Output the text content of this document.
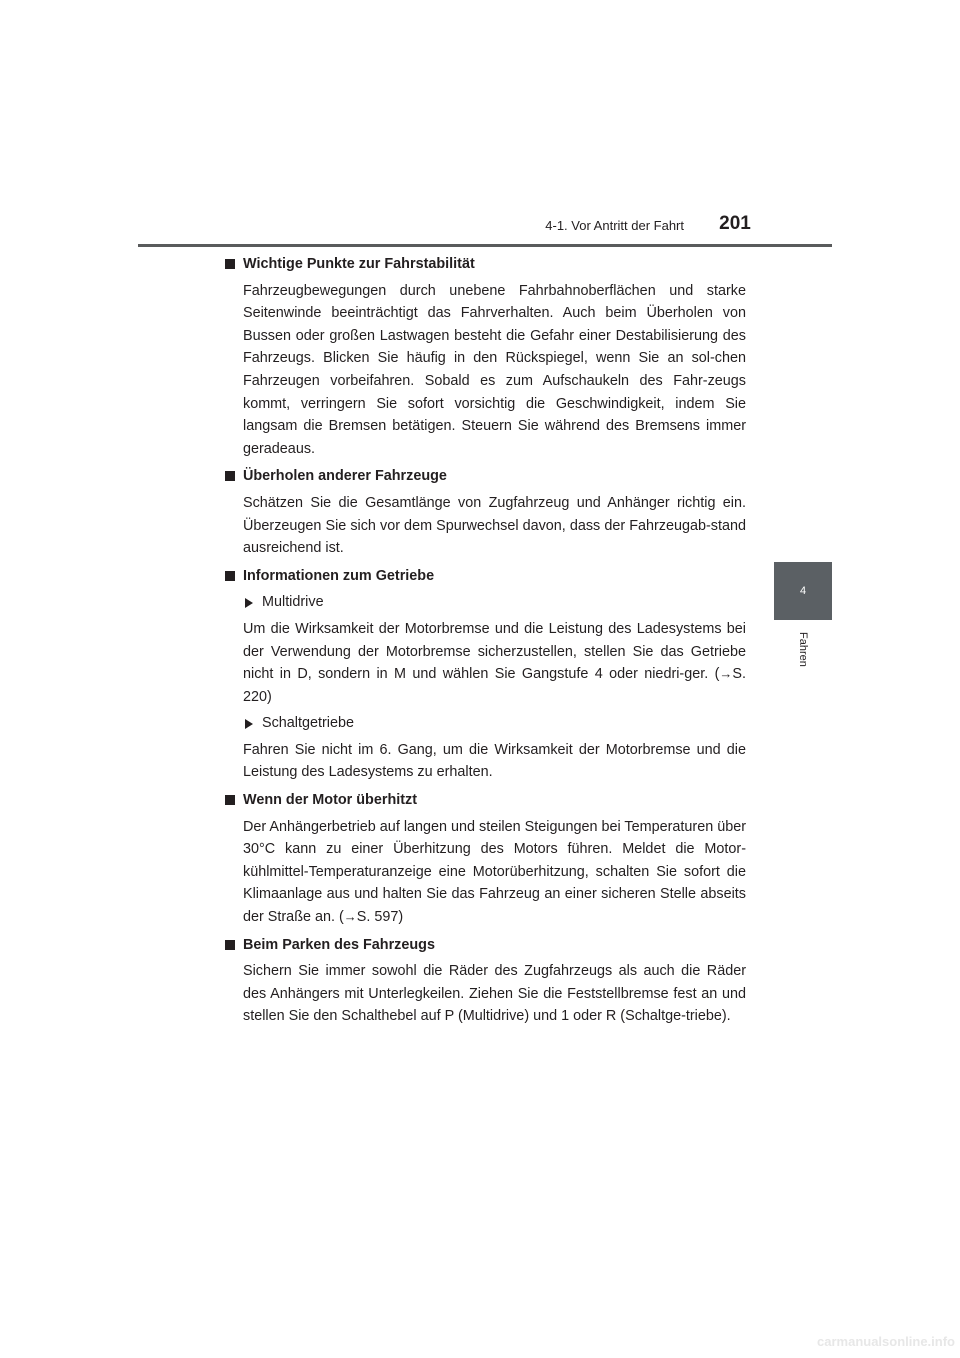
4-1. Vor Antritt der Fahrt	201
4
Fahren
Wichtige Punkte zur Fahrstabilität

Fahrzeugbewegungen durch unebene Fahrbahnoberflächen und starke Seitenwinde beeinträchtigt das Fahrverhalten. Auch beim Überholen von Bussen oder großen Lastwagen besteht die Gefahr einer Destabilisierung des Fahrzeugs. Blicken Sie häufig in den Rückspiegel, wenn Sie an sol-chen Fahrzeugen vorbeifahren. Sobald es zum Aufschaukeln des Fahr-zeugs kommt, verringern Sie sofort vorsichtig die Geschwindigkeit, indem Sie langsam die Bremsen betätigen. Steuern Sie während des Bremsens immer geradeaus.

Überholen anderer Fahrzeuge

Schätzen Sie die Gesamtlänge von Zugfahrzeug und Anhänger richtig ein. Überzeugen Sie sich vor dem Spurwechsel davon, dass der Fahrzeugab-stand ausreichend ist.

Informationen zum Getriebe
Multidrive

Um die Wirksamkeit der Motorbremse und die Leistung des Ladesystems bei der Verwendung der Motorbremse sicherzustellen, stellen Sie das Getriebe nicht in D, sondern in M und wählen Sie Gangstufe 4 oder niedri-ger. (→S. 220)

Schaltgetriebe

Fahren Sie nicht im 6. Gang, um die Wirksamkeit der Motorbremse und die Leistung des Ladesystems zu erhalten.

Wenn der Motor überhitzt

Der Anhängerbetrieb auf langen und steilen Steigungen bei Temperaturen über 30°C kann zu einer Überhitzung des Motors führen. Meldet die Motor-kühlmittel-Temperaturanzeige eine Motorüberhitzung, schalten Sie sofort die Klimaanlage aus und halten Sie das Fahrzeug an einer sicheren Stelle abseits der Straße an. (→S. 597)

Beim Parken des Fahrzeugs

Sichern Sie immer sowohl die Räder des Zugfahrzeugs als auch die Räder des Anhängers mit Unterlegkeilen. Ziehen Sie die Feststellbremse fest an und stellen Sie den Schalthebel auf P (Multidrive) und 1 oder R (Schaltge-triebe).

carmanualsonline.info
